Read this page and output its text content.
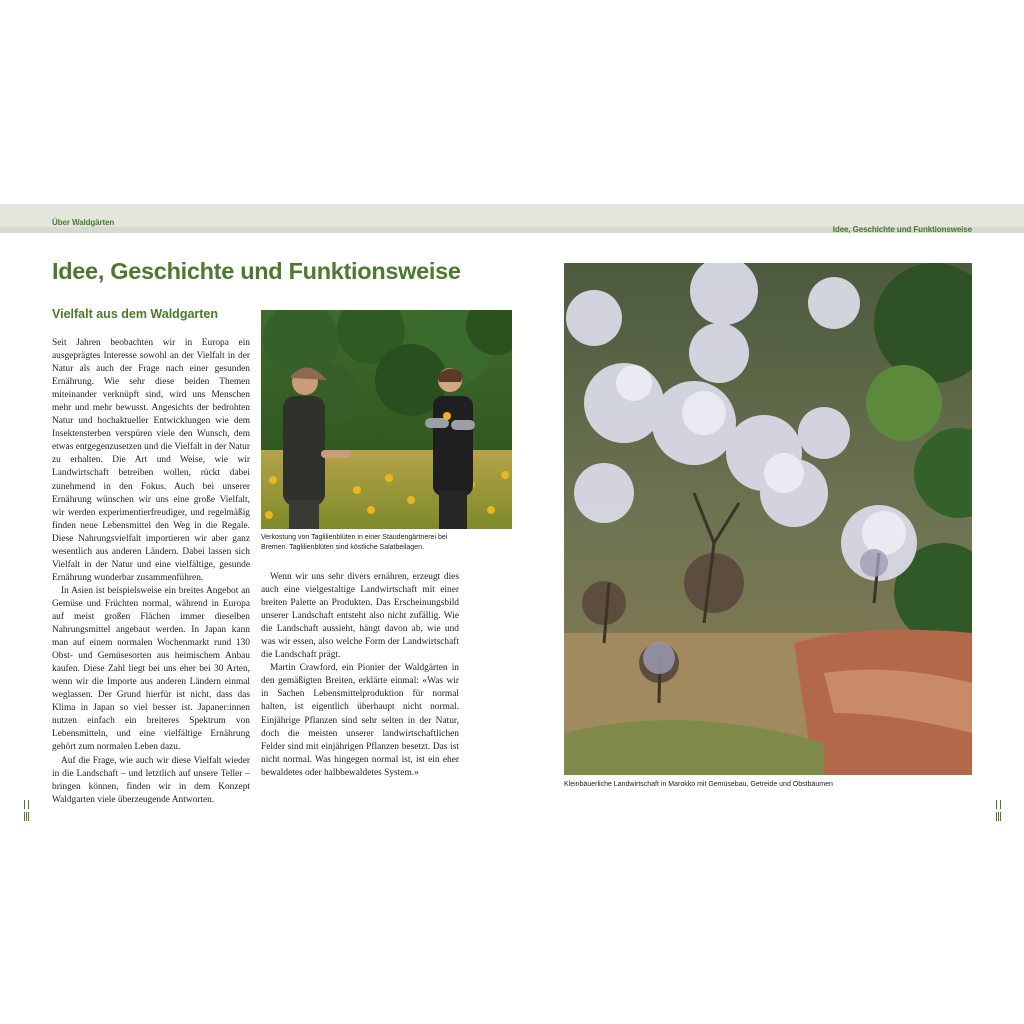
Über Waldgärten
Idee, Geschichte und Funktionsweise
Idee, Geschichte und Funktionsweise
Vielfalt aus dem Waldgarten

Seit Jahren beobachten wir in Europa ein ausgeprägtes Interesse sowohl an der Vielfalt in der Natur als auch der Frage nach einer gesunden Ernährung. Wie sehr diese beiden Themen miteinander verknüpft sind, wird uns Menschen mehr und mehr bewusst. Angesichts der bedrohten Natur und hochaktueller Entwicklungen wie dem Insektensterben verspüren viele den Wunsch, dem etwas entgegenzusetzen und die Vielfalt in der Natur zu erhalten. Die Art und Weise, wie wir Landwirtschaft betreiben wollen, rückt dabei zunehmend in den Fokus. Auch bei unserer Ernährung wünschen wir uns eine große Vielfalt, wir werden experimentierfreudiger, und regelmäßig finden neue Lebensmittel den Weg in die Regale. Diese Nahrungsvielfalt importieren wir aber ganz wesentlich aus anderen Ländern. Dabei lassen sich Vielfalt in der Natur und eine vielfältige, gesunde Ernährung wunderbar zusammenführen.

In Asien ist beispielsweise ein breites Angebot an Gemüse und Früchten normal, während in Europa auf meist großen Flächen immer dieselben Nahrungsmittel angebaut werden. In Japan kann man auf einem normalen Wochenmarkt rund 130 Obst- und Gemüsesorten aus heimischem Anbau kaufen. Diese Zahl liegt bei uns eher bei 30 Arten, wenn wir die Importe aus anderen Ländern einmal weglassen. Der Grund hierfür ist nicht, dass das Klima in Japan so viel besser ist. Japaner:innen nutzen einfach ein breiteres Spektrum von Lebensmitteln, und eine vielfältige Ernährung gehört zum normalen Leben dazu.

Auf die Frage, wie auch wir diese Vielfalt wieder in die Landschaft – und letztlich auf unsere Teller – bringen können, finden wir in dem Konzept Waldgarten viele überzeugende Antworten.

Verkostung von Taglilienblüten in einer Staudengärtnerei bei Bremen. Taglilienblüten sind köstliche Salatbeilagen.

Wenn wir uns sehr divers ernähren, erzeugt dies auch eine vielgestaltige Landwirtschaft mit einer breiten Palette an Produkten. Das Erscheinungsbild unserer Landschaft entsteht also nicht zufällig. Wie die Landschaft aussieht, hängt davon ab, wie und was wir essen, also welche Form der Landwirtschaft die Landschaft prägt.

Martin Crawford, ein Pionier der Waldgärten in den gemäßigten Breiten, erklärte einmal: «Was wir in Sachen Lebensmittelproduktion für normal halten, ist eigentlich überhaupt nicht normal. Einjährige Pflanzen sind sehr selten in der Natur, doch die meisten unserer landwirtschaftlichen Felder sind mit einjährigen Pflanzen besetzt. Das ist nicht normal. Was hingegen normal ist, ist ein eher bewaldetes oder halbbewaldetes System.»

Kleinbäuerliche Landwirtschaft in Marokko mit Gemüsebau, Getreide und Obstbäumen
